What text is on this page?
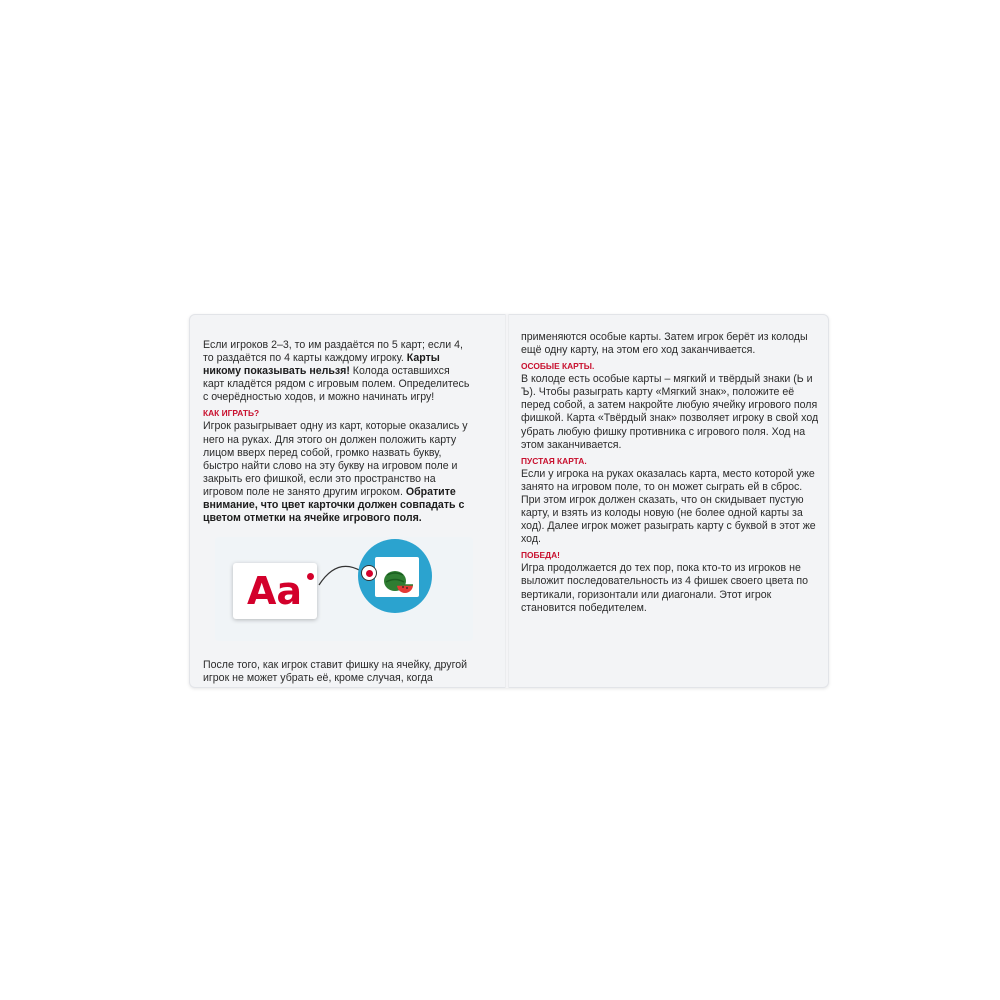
Если игроков 2–3, то им раздаётся по 5 карт; если 4, то раздаётся по 4 карты каждому игроку. Карты никому показывать нельзя! Колода оставшихся карт кладётся рядом с игровым полем. Определитесь с очерёдностью ходов, и можно начинать игру!

КАК ИГРАТЬ?

Игрок разыгрывает одну из карт, которые оказались у него на руках. Для этого он должен положить карту лицом вверх перед собой, громко назвать букву, быстро найти слово на эту букву на игровом поле и закрыть его фишкой, если это пространство на игровом поле не занято другим игроком. Обратите внимание, что цвет карточки должен совпадать с цветом отметки на ячейке игрового поля.

Аа

После того, как игрок ставит фишку на ячейку, другой игрок не может убрать её, кроме случая, когда

применяются особые карты. Затем игрок берёт из колоды ещё одну карту, на этом его ход заканчивается.

ОСОБЫЕ КАРТЫ.

В колоде есть особые карты – мягкий и твёрдый знаки (Ь и Ъ). Чтобы разыграть карту «Мягкий знак», положите её перед собой, а затем накройте любую ячейку игрового поля фишкой. Карта «Твёрдый знак» позволяет игроку в свой ход убрать любую фишку противника с игрового поля. Ход на этом заканчивается.

ПУСТАЯ КАРТА.

Если у игрока на руках оказалась карта, место которой уже занято на игровом поле, то он может сыграть ей в сброс. При этом игрок должен сказать, что он скидывает пустую карту, и взять из колоды новую (не более одной карты за ход). Далее игрок может разыграть карту с буквой в этот же ход.

ПОБЕДА!

Игра продолжается до тех пор, пока кто-то из игроков не выложит последовательность из 4 фишек своего цвета по вертикали, горизонтали или диагонали. Этот игрок становится победителем.
